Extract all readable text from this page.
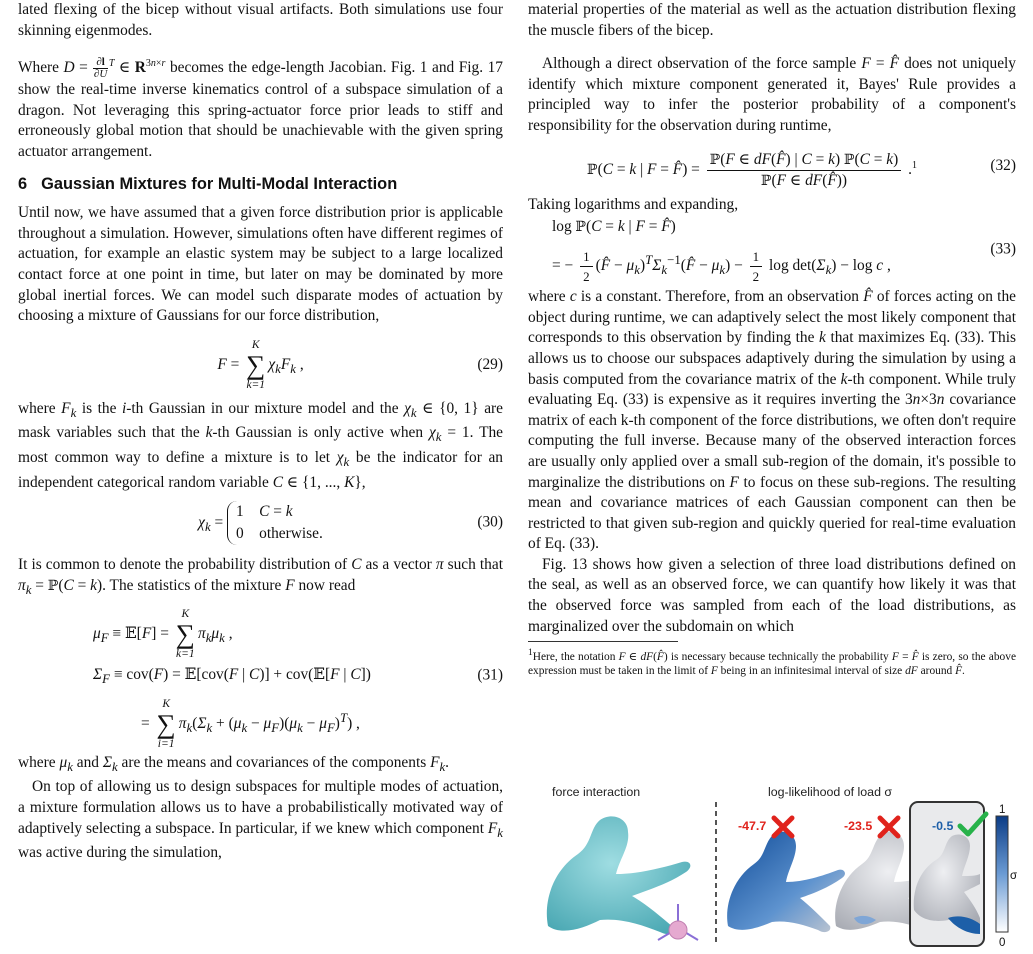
lated flexing of the bicep without visual artifacts. Both simulations use four skinning eigenmodes.

Where $D = \frac{\partial l}{\partial U} ^T$ ∈ $R^{3n\times r}$ becomes the edge-length Jacobian. Fig. 1 and Fig. 17 show the real-time inverse kinematics control of a subspace simulation of a dragon. Not leveraging this spring-actuator force prior leads to stiff and erroneously global motion that should be unachievable with the given spring actuator arrangement.

6 Gaussian Mixtures for Multi-Modal Interaction

Until now, we have assumed that a given force distribution prior is applicable throughout a simulation. However, simulations often have different regimes of actuation, for example an elastic system may be subject to a large localized contact force at one point in time, but later on may be dominated by more global inertial forces. We can model such disparate modes of actuation by choosing a mixture of Gaussians for our force distribution,

F =
K
∑
k=1
$\chi_kF_k$ ,	(29)

where $F_k$ is the i-th Gaussian in our mixture model and the $\chi_k$ ∈ {0, 1} are mask variables such that the k-th Gaussian is only active when $\chi_k = 1$. The most common way to define a mixture is to let $\chi_k$ be the indicator for an independent categorical random variable C ∈ {1, ..., K},

$\chi_k$ =
1    C = k
0    otherwise.
(30)

It is common to denote the probability distribution of C as a vector π such that $\pi_k$ = ℙ(C = k). The statistics of the mixture F now read

$\mu_F$ ≡ 𝔼[F] =
K
∑
k=1
$\pi_k\mu_k$ ,
$\Sigma_F \equiv cov(F)$ = 𝔼[cov(F | C)] + cov(𝔼[F | C])
=
K
∑
i=1
$\pi_k(\Sigma_k + (\mu_k - \mu_F)(\mu_k - \mu_F)^T)$ ,
(31)

where $\mu_k$ and $\Sigma_k$ are the means and covariances of the components $F_k$.

On top of allowing us to design subspaces for multiple modes of actuation, a mixture formulation allows us to have a probabilistically motivated way of adaptively selecting a subspace. In particular, if we knew which component $F_k$ was active during the simulation,

material properties of the material as well as the actuation distribution flexing the muscle fibers of the bicep.

Although a direct observation of the force sample F = F̂ does not uniquely identify which mixture component generated it, Bayes' Rule provides a principled way to infer the posterior probability of a component's responsibility for the observation during runtime,

ℙ(C = k | F = F̂) = $\frac{\text{ℙ(F ∈ dF(F̂) | C = k) ℙ(C = k)}}{\text{ℙ(F ∈ dF(F̂))}} .^1$	(32)

Taking logarithms and expanding,

log ℙ(C = k | F = F̂)
= − $\frac{1}{2}$ (F̂ − $\mu_k)^T\Sigma_k^{-1}(F̂ - \mu_k) - \frac{1}{2}$ $\log \det(\Sigma_k) - \log c$ ,
(33)

where c is a constant. Therefore, from an observation F̂ of forces acting on the object during runtime, we can adaptively select the most likely component that corresponds to this observation by finding the k that maximizes Eq. (33). This allows us to choose our subspaces adaptively during the simulation by using a basis computed from the covariance matrix of the k-th component. While truly evaluating Eq. (33) is expensive as it requires inverting the 3n×3n covariance matrix of each k-th component of the force distributions, we often don't require computing the full inverse. Because many of the observed interaction forces are usually only applied over a small sub-region of the domain, it's possible to marginalize the distributions on F to focus on these sub-regions. The resulting mean and covariance matrices of each Gaussian component can then be restricted to that given sub-region and quickly queried for real-time evaluation of Eq. (33).

Fig. 13 shows how given a selection of three load distributions defined on the seal, as well as an observed force, we can quantify how likely it was that the observed force was sampled from each of the load distributions, as marginalized over the subdomain on which

$^1$Here, the notation F ∈ dF(F̂) is necessary because technically the probability F = F̂ is zero, so the above expression must be taken in the limit of F being in an infinitesimal interval of size dF around F̂.

force interaction	log-likelihood of load σ
-47.7	-23.5	-0.5
1
σ
0
